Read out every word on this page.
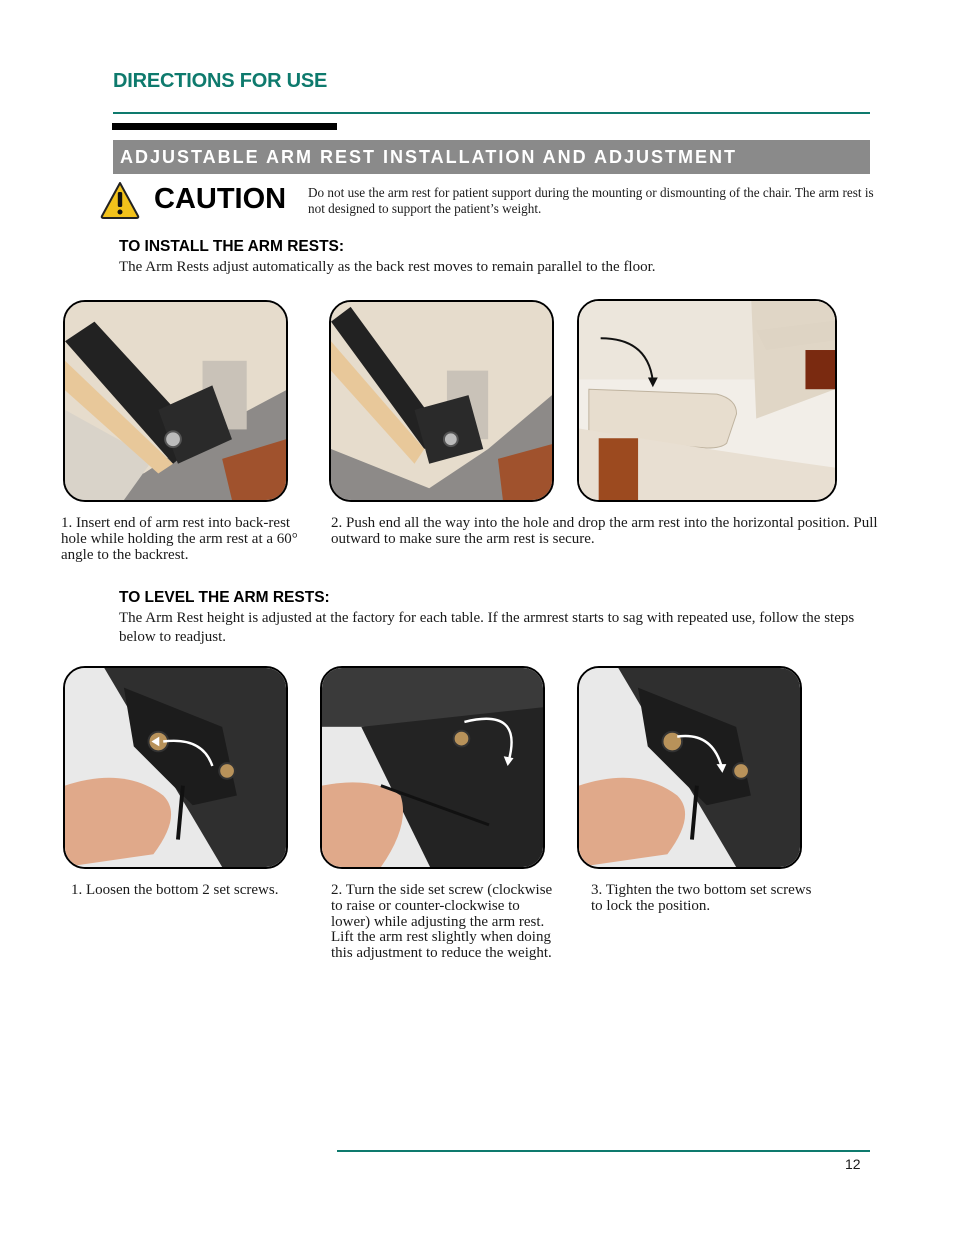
DIRECTIONS FOR USE
ADJUSTABLE ARM REST INSTALLATION AND ADJUSTMENT
CAUTION Do not use the arm rest for patient support during the mounting or dismounting of the chair. The arm rest is not designed to support the patient’s weight.
TO INSTALL THE ARM RESTS:
The Arm Rests adjust automatically as the back rest moves to remain parallel to the floor.
1. Insert end of arm rest into back-rest hole while holding the arm rest at a 60° angle to the backrest.
2. Push end all the way into the hole and drop the arm rest into the horizontal position. Pull outward to make sure the arm rest is secure.
TO LEVEL THE ARM RESTS:
The Arm Rest height is adjusted at the factory for each table. If the armrest starts to sag with repeated use, follow the steps below to readjust.
1. Loosen the bottom 2 set screws.	2. Turn the side set screw (clockwise to raise or counter-clockwise to lower) while adjusting the arm rest. Lift the arm rest slightly when doing this adjustment to reduce the weight.
3. Tighten the two bottom set screws to lock the position.
12
